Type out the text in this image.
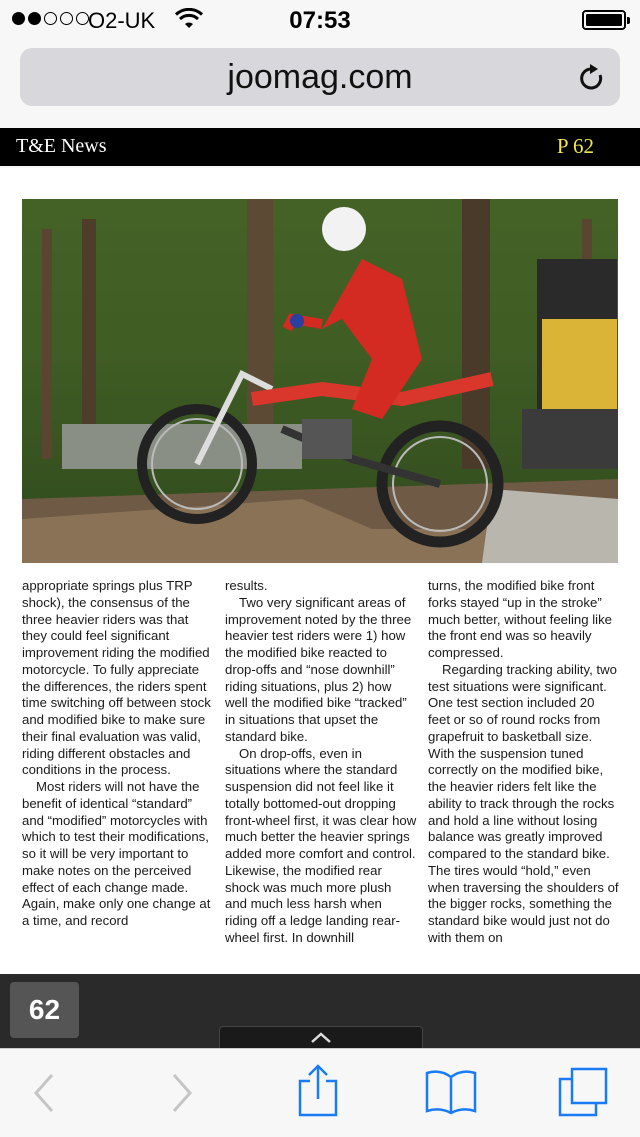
O2-UK	07:53
joomag.com
T&E News	P 62

appropriate springs plus TRP shock), the consensus of the three heavier riders was that they could feel significant improvement riding the modified motorcycle. To fully appreciate the differences, the riders spent time switching off between stock and modified bike to make sure their final evaluation was valid, riding different obstacles and conditions in the process.

Most riders will not have the benefit of identical “standard” and “modified” motorcycles with which to test their modifications, so it will be very important to make notes on the perceived effect of each change made. Again, make only one change at a time, and record

results.

Two very significant areas of improvement noted by the three heavier test riders were 1) how the modified bike reacted to drop-offs and “nose downhill” riding situations, plus 2) how well the modified bike “tracked” in situations that upset the standard bike.

On drop-offs, even in situations where the standard suspension did not feel like it totally bottomed-out dropping front-wheel first, it was clear how much better the heavier springs added more comfort and control. Likewise, the modified rear shock was much more plush and much less harsh when riding off a ledge landing rear-wheel first. In downhill

turns, the modified bike front forks stayed “up in the stroke” much better, without feeling like the front end was so heavily compressed.

Regarding tracking ability, two test situations were significant. One test section included 20 feet or so of round rocks from grapefruit to basketball size. With the suspension tuned correctly on the modified bike, the heavier riders felt like the ability to track through the rocks and hold a line without losing balance was greatly improved compared to the standard bike. The tires would “hold,” even when traversing the shoulders of the bigger rocks, something the standard bike would just not do with them on

62
